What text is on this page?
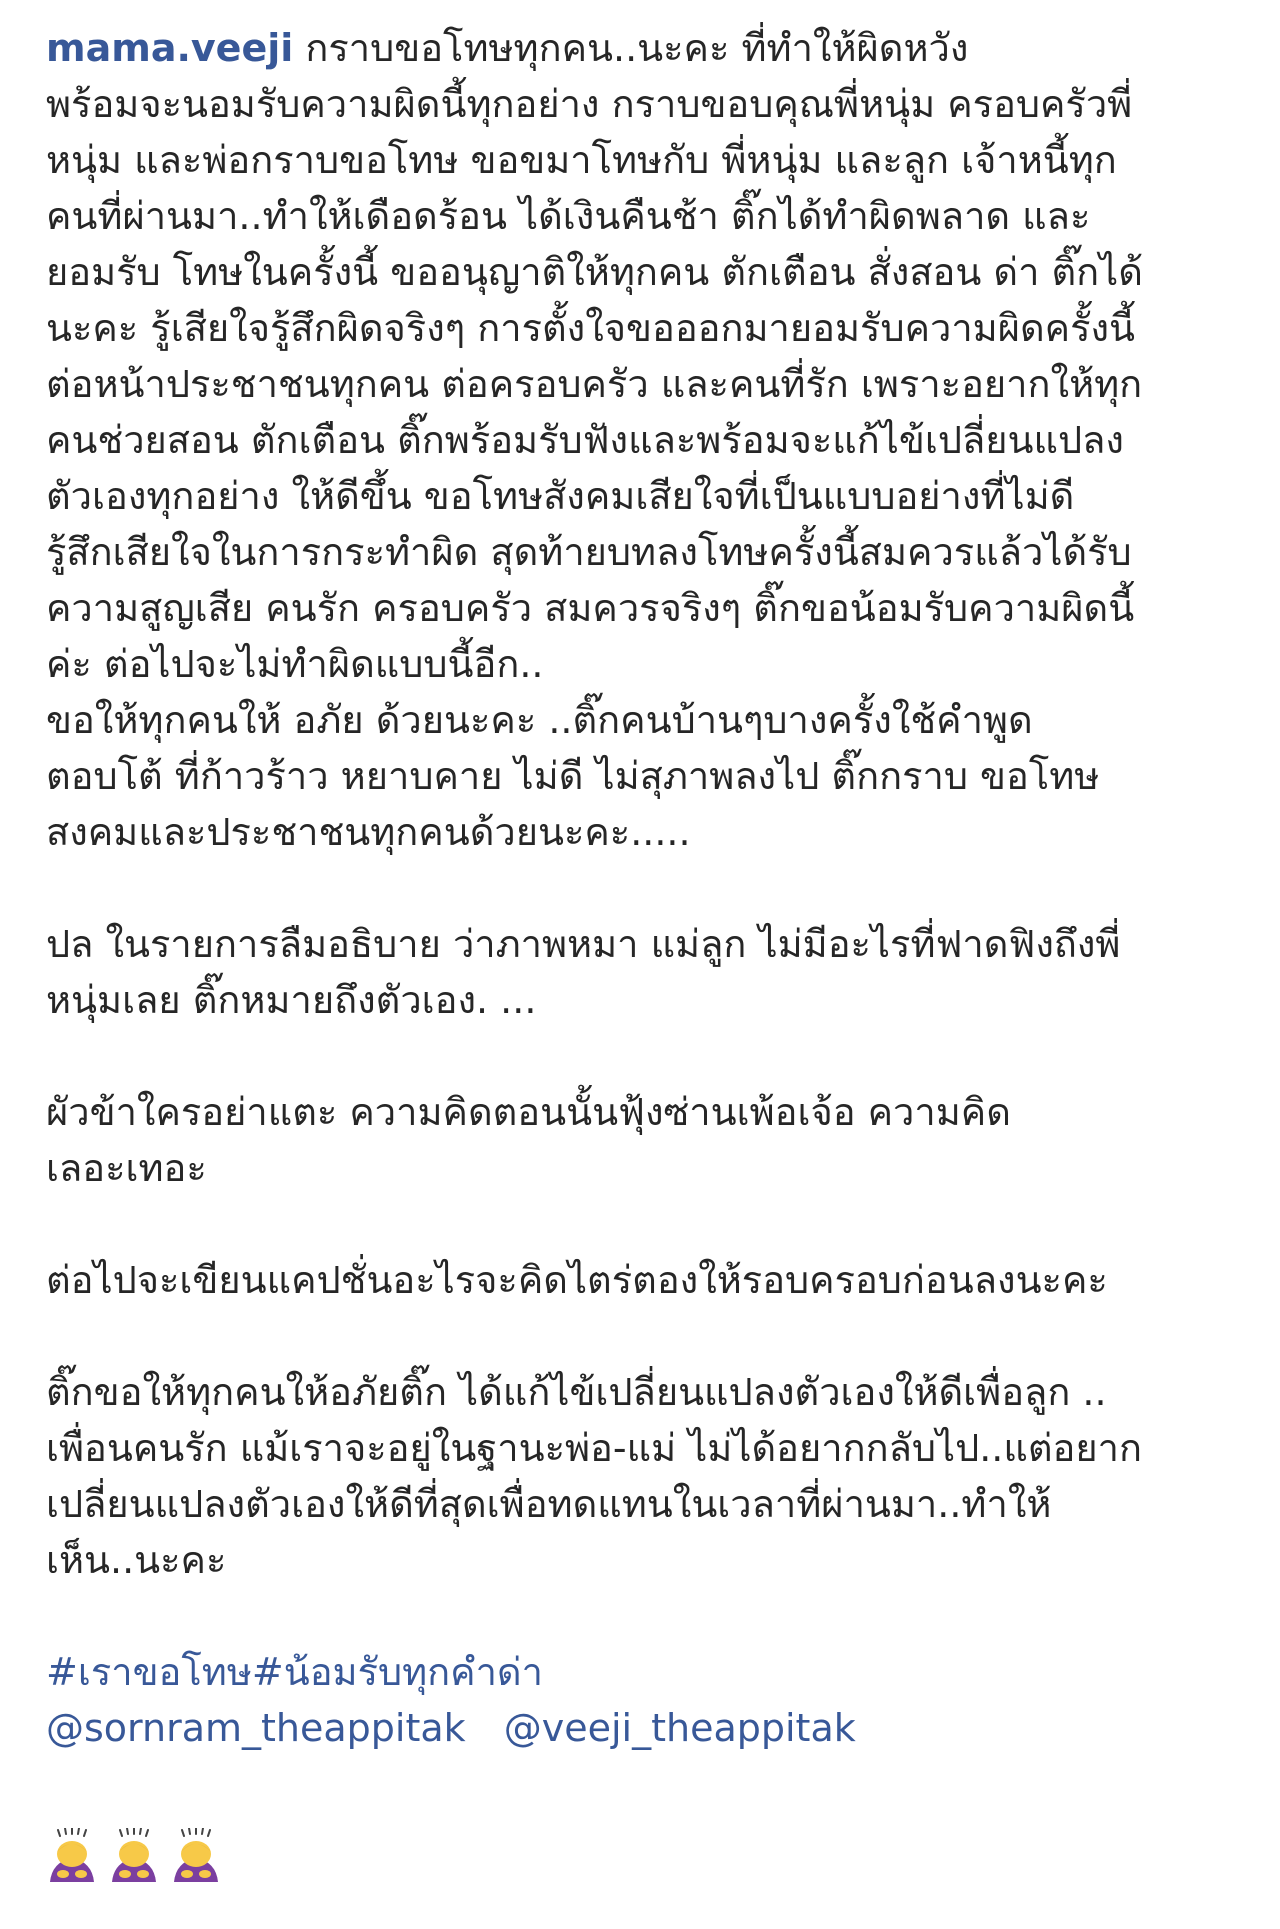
mama.veeji กราบขอโทษทุกคน..นะคะ ที่ทำให้ผิดหวัง
พร้อมจะนอมรับความผิดนี้ทุกอย่าง กราบขอบคุณพี่หนุ่ม ครอบครัวพี่
หนุ่ม และพ่อกราบขอโทษ ขอขมาโทษกับ พี่หนุ่ม และลูก เจ้าหนี้ทุก
คนที่ผ่านมา..ทำให้เดือดร้อน ได้เงินคืนช้า ติ๊กได้ทำผิดพลาด และ
ยอมรับ โทษในครั้งนี้ ขออนุญาติให้ทุกคน ตักเตือน สั่งสอน ด่า ติ๊กได้
นะคะ รู้เสียใจรู้สึกผิดจริงๆ การตั้งใจขอออกมายอมรับความผิดครั้งนี้
ต่อหน้าประชาชนทุกคน ต่อครอบครัว และคนที่รัก เพราะอยากให้ทุก
คนช่วยสอน ตักเตือน ติ๊กพร้อมรับฟังและพร้อมจะแก้ไข้เปลี่ยนแปลง
ตัวเองทุกอย่าง ให้ดีขึ้น ขอโทษสังคมเสียใจที่เป็นแบบอย่างที่ไม่ดี
รู้สึกเสียใจในการกระทำผิด สุดท้ายบทลงโทษครั้งนี้สมควรแล้วได้รับ
ความสูญเสีย คนรัก ครอบครัว สมควรจริงๆ ติ๊กขอน้อมรับความผิดนี้
ค่ะ ต่อไปจะไม่ทำผิดแบบนี้อีก..
ขอให้ทุกคนให้ อภัย ด้วยนะคะ ..ติ๊กคนบ้านๆบางครั้งใช้คำพูด
ตอบโต้ ที่ก้าวร้าว หยาบคาย ไม่ดี ไม่สุภาพลงไป ติ๊กกราบ ขอโทษ
สงคมและประชาชนทุกคนด้วยนะคะ.....

ปล ในรายการลืมอธิบาย ว่าภาพหมา แม่ลูก ไม่มีอะไรที่ฟาดฟิงถึงพี่
หนุ่มเลย ติ๊กหมายถึงตัวเอง. ...

ผัวข้าใครอย่าแตะ ความคิดตอนนั้นฟุ้งซ่านเพ้อเจ้อ ความคิด
เลอะเทอะ

ต่อไปจะเขียนแคปชั่นอะไรจะคิดไตร่ตองให้รอบครอบก่อนลงนะคะ

ติ๊กขอให้ทุกคนให้อภัยติ๊ก ได้แก้ไข้เปลี่ยนแปลงตัวเองให้ดีเพื่อลูก ..
เพื่อนคนรัก แม้เราจะอยู่ในฐานะพ่อ-แม่ ไม่ได้อยากกลับไป..แต่อยาก
เปลี่ยนแปลงตัวเองให้ดีที่สุดเพื่อทดแทนในเวลาที่ผ่านมา..ทำให้
เห็น..นะคะ

#เราขอโทษ#น้อมรับทุกคำด่า
@sornram_theappitak @veeji_theappitak
